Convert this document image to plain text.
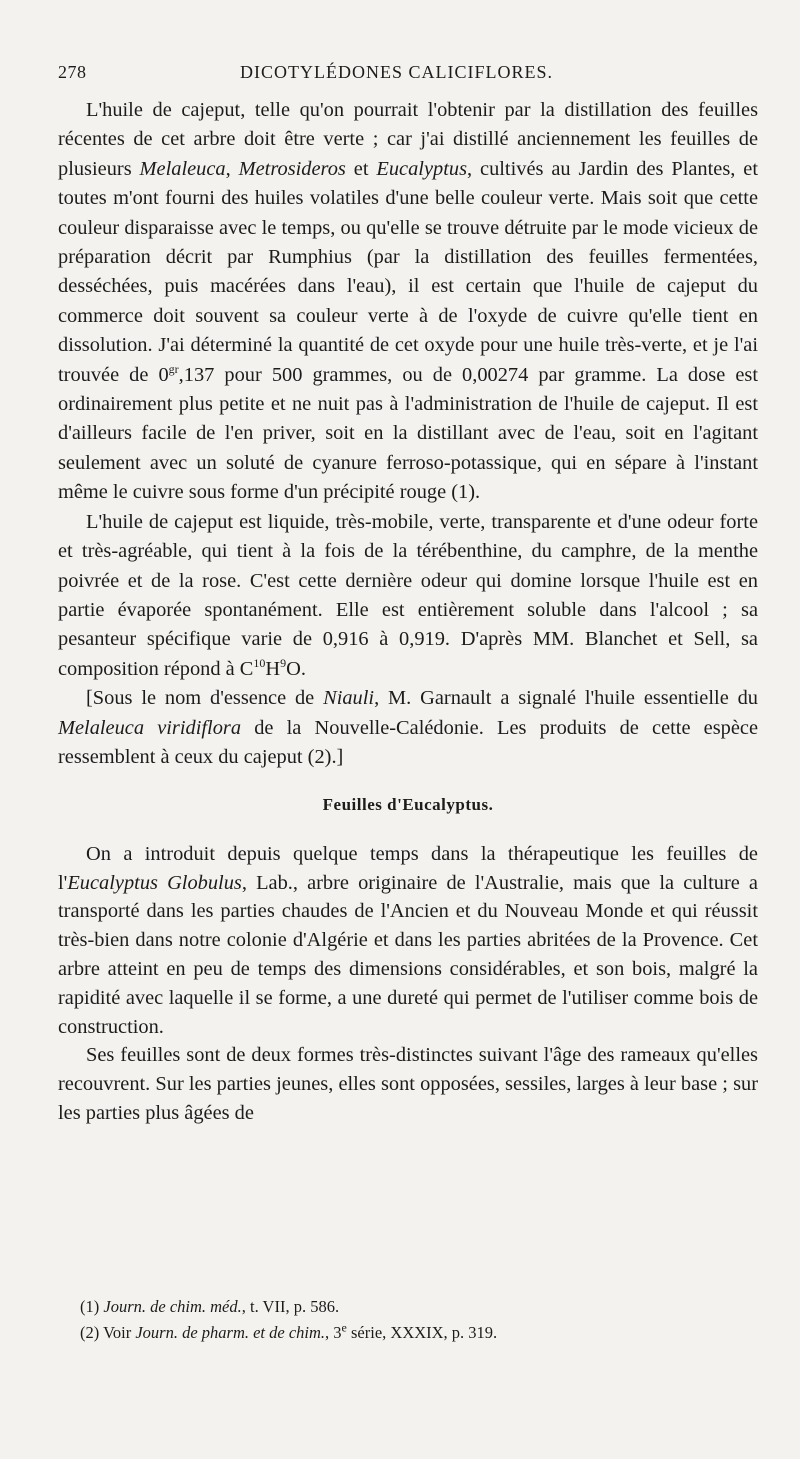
278	DICOTYLÉDONES CALICIFLORES.

L'huile de cajeput, telle qu'on pourrait l'obtenir par la distillation des feuilles récentes de cet arbre doit être verte ; car j'ai distillé anciennement les feuilles de plusieurs Melaleuca, Metrosideros et Eucalyptus, cultivés au Jardin des Plantes, et toutes m'ont fourni des huiles volatiles d'une belle couleur verte. Mais soit que cette couleur disparaisse avec le temps, ou qu'elle se trouve détruite par le mode vicieux de préparation décrit par Rumphius (par la distillation des feuilles fermentées, desséchées, puis macérées dans l'eau), il est certain que l'huile de cajeput du commerce doit souvent sa couleur verte à de l'oxyde de cuivre qu'elle tient en dissolution. J'ai déterminé la quantité de cet oxyde pour une huile très-verte, et je l'ai trouvée de $0^{gr},137$ pour 500 grammes, ou de 0,00274 par gramme. La dose est ordinairement plus petite et ne nuit pas à l'administration de l'huile de cajeput. Il est d'ailleurs facile de l'en priver, soit en la distillant avec de l'eau, soit en l'agitant seulement avec un soluté de cyanure ferroso-potassique, qui en sépare à l'instant même le cuivre sous forme d'un précipité rouge (1).

L'huile de cajeput est liquide, très-mobile, verte, transparente et d'une odeur forte et très-agréable, qui tient à la fois de la térébenthine, du camphre, de la menthe poivrée et de la rose. C'est cette dernière odeur qui domine lorsque l'huile est en partie évaporée spontanément. Elle est entièrement soluble dans l'alcool ; sa pesanteur spécifique varie de 0,916 à 0,919. D'après MM. Blanchet et Sell, sa composition répond à $C^{10}H^9O$.

[Sous le nom d'essence de Niauli, M. Garnault a signalé l'huile essentielle du Melaleuca viridiflora de la Nouvelle-Calédonie. Les produits de cette espèce ressemblent à ceux du cajeput (2).]

Feuilles d'Eucalyptus.

On a introduit depuis quelque temps dans la thérapeutique les feuilles de l'Eucalyptus Globulus, Lab., arbre originaire de l'Australie, mais que la culture a transporté dans les parties chaudes de l'Ancien et du Nouveau Monde et qui réussit très-bien dans notre colonie d'Algérie et dans les parties abritées de la Provence. Cet arbre atteint en peu de temps des dimensions considérables, et son bois, malgré la rapidité avec laquelle il se forme, a une dureté qui permet de l'utiliser comme bois de construction.

Ses feuilles sont de deux formes très-distinctes suivant l'âge des rameaux qu'elles recouvrent. Sur les parties jeunes, elles sont opposées, sessiles, larges à leur base ; sur les parties plus âgées de

(1) Journ. de chim. méd., t. VII, p. 586.
(2) Voir Journ. de pharm. et de chim., 3e série, XXXIX, p. 319.
